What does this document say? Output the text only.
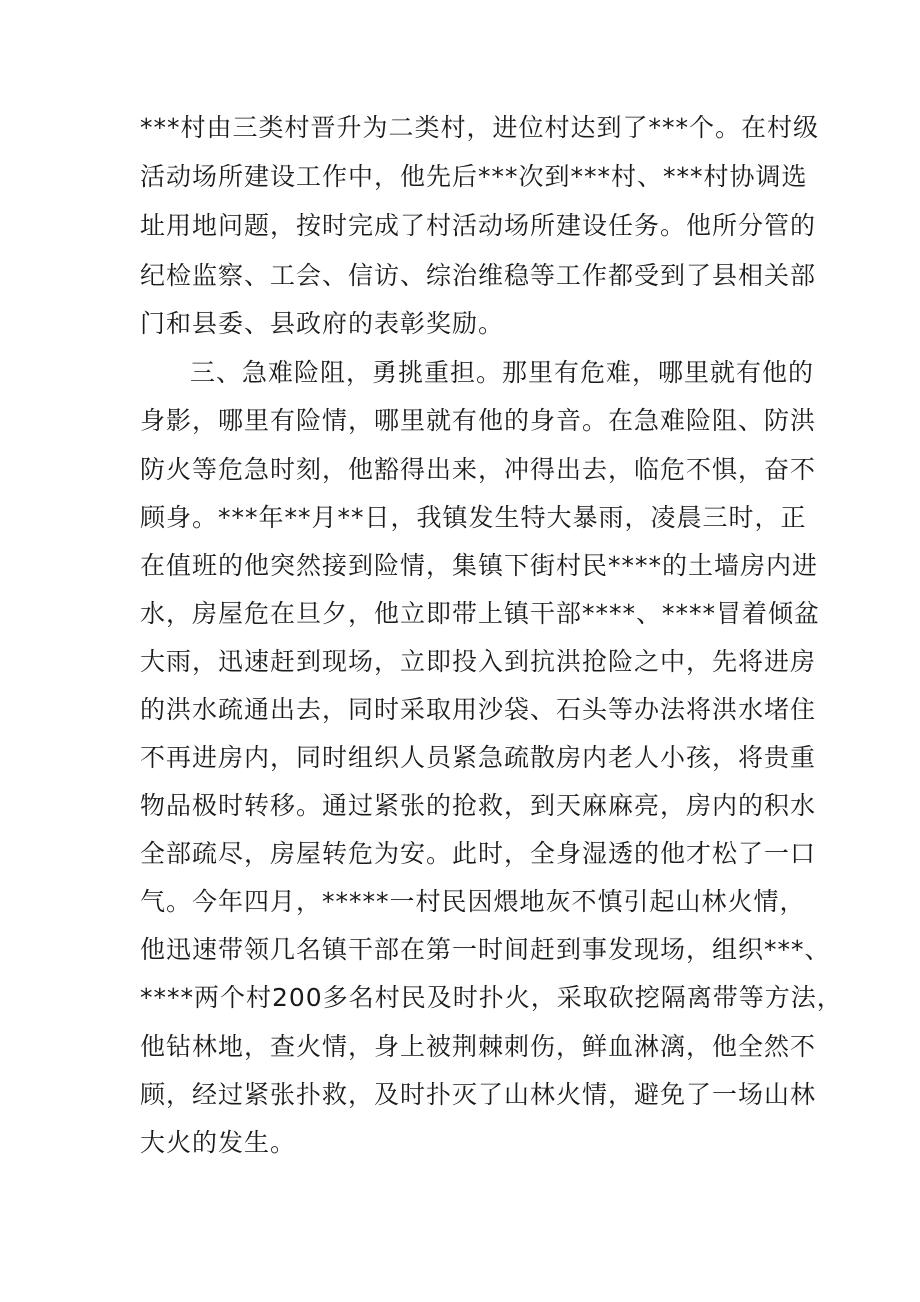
***村由三类村晋升为二类村，进位村达到了***个。在村级
活动场所建设工作中，他先后***次到***村、***村协调选
址用地问题，按时完成了村活动场所建设任务。他所分管的
纪检监察、工会、信访、综治维稳等工作都受到了县相关部
门和县委、县政府的表彰奖励。
三、急难险阻，勇挑重担。那里有危难，哪里就有他的
身影，哪里有险情，哪里就有他的身音。在急难险阻、防洪
防火等危急时刻，他豁得出来，冲得出去，临危不惧，奋不
顾身。***年**月**日，我镇发生特大暴雨，凌晨三时，正
在值班的他突然接到险情，集镇下街村民****的土墙房内进
水，房屋危在旦夕，他立即带上镇干部****、****冒着倾盆
大雨，迅速赶到现场，立即投入到抗洪抢险之中，先将进房
的洪水疏通出去，同时采取用沙袋、石头等办法将洪水堵住
不再进房内，同时组织人员紧急疏散房内老人小孩，将贵重
物品极时转移。通过紧张的抢救，到天麻麻亮，房内的积水
全部疏尽，房屋转危为安。此时，全身湿透的他才松了一口
气。今年四月，*****一村民因煨地灰不慎引起山林火情，
他迅速带领几名镇干部在第一时间赶到事发现场，组织***、
****两个村200多名村民及时扑火，采取砍挖隔离带等方法，
他钻林地，查火情，身上被荆棘刺伤，鲜血淋漓，他全然不
顾，经过紧张扑救，及时扑灭了山林火情，避免了一场山林
大火的发生。
